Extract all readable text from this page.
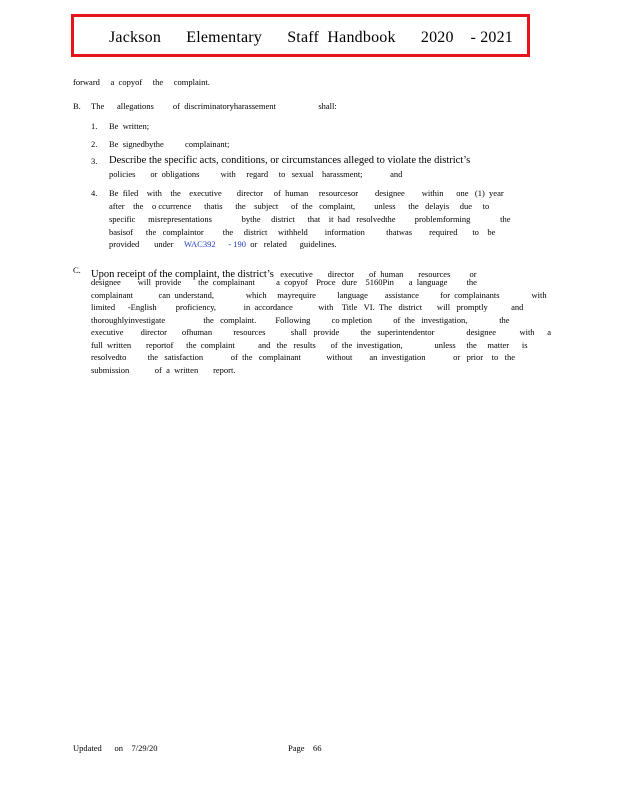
Jackson      Elementary      Staff  Handbook      2020    - 2021
forward     a  copyof     the     complaint.
B. The      allegations         of  discriminatoryharassement                    shall:
1. Be  written;
2. Be  signedbythe          complainant;
3. Describe the specific acts, conditions, or circumstances alleged to violate the district’s
policies       or  obligations          with     regard     to   sexual    harassment;             and
4. Be  filed    with    the    executive       director     of  human     resourcesor        designee        within      one   (1)  year
after    the    o ccurrence      thatis      the    subject      of  the   complaint,         unless      the   delayis     due     to
specific      misrepresentations              bythe     district      that    it  had   resolvedthe         problemforming              the
basisof      the   complaintor         the     district     withheld        information          thatwas        required       to    be
provided       under WAC392      - 190  or   related      guidelines.
C. Upon receipt of the complaint, the district’s   executive       director       of  human       resources         or
designee        will  provide        the  complainant          a  copyof    Proce   dure    5160Pin       a  language         the
complainant            can  understand,               which     mayrequire          language        assistance          for  complainants               with
limited      -English         proficiency,             in  accordance            with    Title   VI.  The   district       will   promptly           and
thoroughlyinvestigate                  the   complaint.         Following          co mpletion          of  the   investigation,               the
executive        director       ofhuman          resources            shall   provide          the   superintendentor               designee           with      a
full  written       reportof      the  complaint           and   the   results       of  the  investigation,               unless     the     matter      is
resolvedto          the   satisfaction             of  the   complainant            without        an  investigation             or   prior    to   the
submission            of  a  written       report.
Updated      on    7/29/20	Page    66
